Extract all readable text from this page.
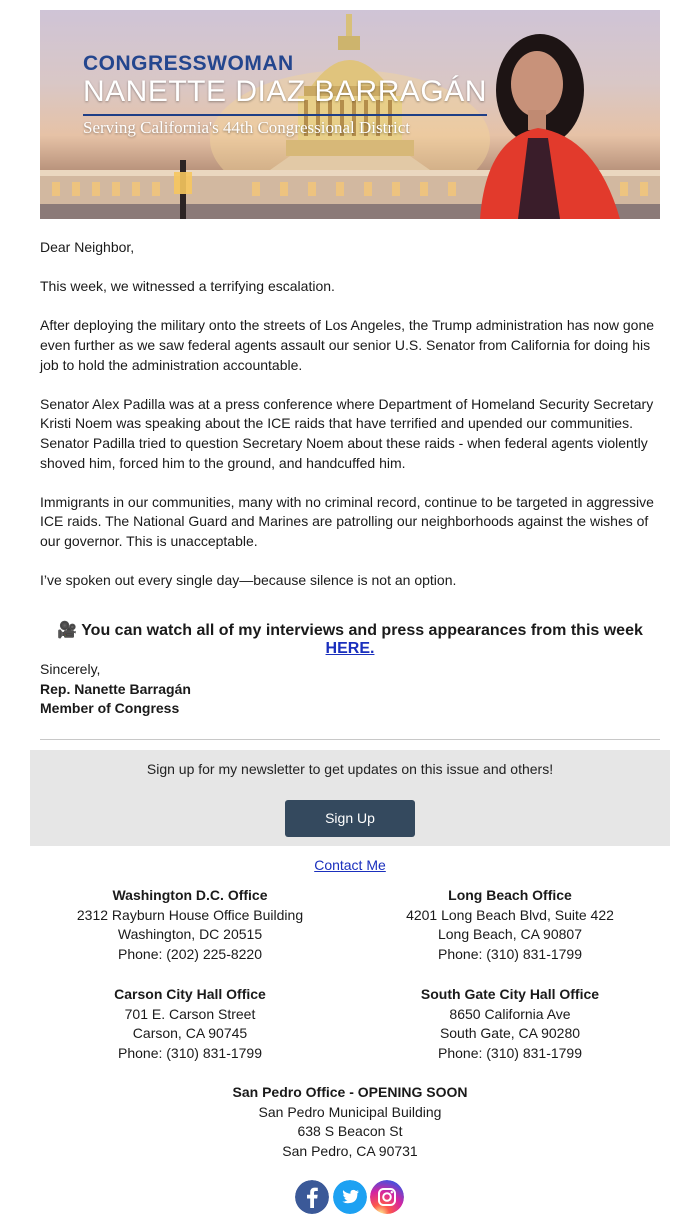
CONGRESSWOMAN
NANETTE DIAZ BARRAGÁN
Serving California's 44th Congressional District

Dear Neighbor,

This week, we witnessed a terrifying escalation.

After deploying the military onto the streets of Los Angeles, the Trump administration has now gone even further as we saw federal agents assault our senior U.S. Senator from California for doing his job to hold the administration accountable.

Senator Alex Padilla was at a press conference where Department of Homeland Security Secretary Kristi Noem was speaking about the ICE raids that have terrified and upended our communities. Senator Padilla tried to question Secretary Noem about these raids - when federal agents violently shoved him, forced him to the ground, and handcuffed him.

Immigrants in our communities, many with no criminal record, continue to be targeted in aggressive ICE raids. The National Guard and Marines are patrolling our neighborhoods against the wishes of our governor. This is unacceptable.

I’ve spoken out every single day—because silence is not an option.

🎥 You can watch all of my interviews and press appearances from this week HERE.
Sincerely,
Rep. Nanette Barragán
Member of Congress
Sign up for my newsletter to get updates on this issue and others!
Sign Up
Contact Me
Washington D.C. Office
2312 Rayburn House Office Building
Washington, DC 20515
Phone: (202) 225-8220
Long Beach Office
4201 Long Beach Blvd, Suite 422
Long Beach, CA 90807
Phone: (310) 831-1799
Carson City Hall Office
701 E. Carson Street
Carson, CA 90745
Phone: (310) 831-1799
South Gate City Hall Office
8650 California Ave
South Gate, CA 90280
Phone: (310) 831-1799
San Pedro Office - OPENING SOON
San Pedro Municipal Building
638 S Beacon St
San Pedro, CA 90731
